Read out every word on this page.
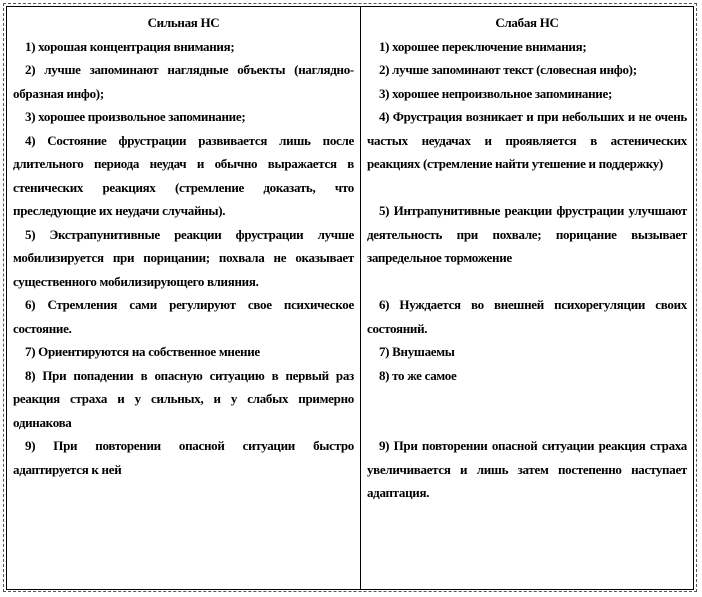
Сильная НС

1) хорошая концентрация внимания;

2) лучше запоминают наглядные объекты (наглядно-образная инфо);

3) хорошее произвольное запоминание;

4) Состояние фрустрации развивается лишь после длительного периода неудач и обычно выражается в стенических реакциях (стремление доказать, что преследующие их неудачи случайны).

5) Экстрапунитивные реакции фрустрации лучше мобилизируется при порицании; похвала не оказывает существенного мобилизирующего влияния.

6) Стремления сами регулируют свое психическое состояние.

7) Ориентируются на собственное мнение

8) При попадении в опасную ситуацию в первый раз реакция страха и у сильных, и у слабых примерно одинакова

9) При повторении опасной ситуации быстро адаптируется к ней

Слабая НС

1) хорошее переключение внимания;

2) лучше запоминают текст (словесная инфо);

3) хорошее непроизвольное запоминание;

4) Фрустрация возникает и при небольших и не очень частых неудачах и проявляется в астенических реакциях (стремление найти утешение и поддержку)

5) Интрапунитивные реакции фрустрации улучшают деятельность при похвале; порицание вызывает запредельное торможение

6) Нуждается во внешней психорегуляции своих состояний.

7) Внушаемы

8) то же самое

9) При повторении опасной ситуации реакция страха увеличивается и лишь затем постепенно наступает адаптация.
